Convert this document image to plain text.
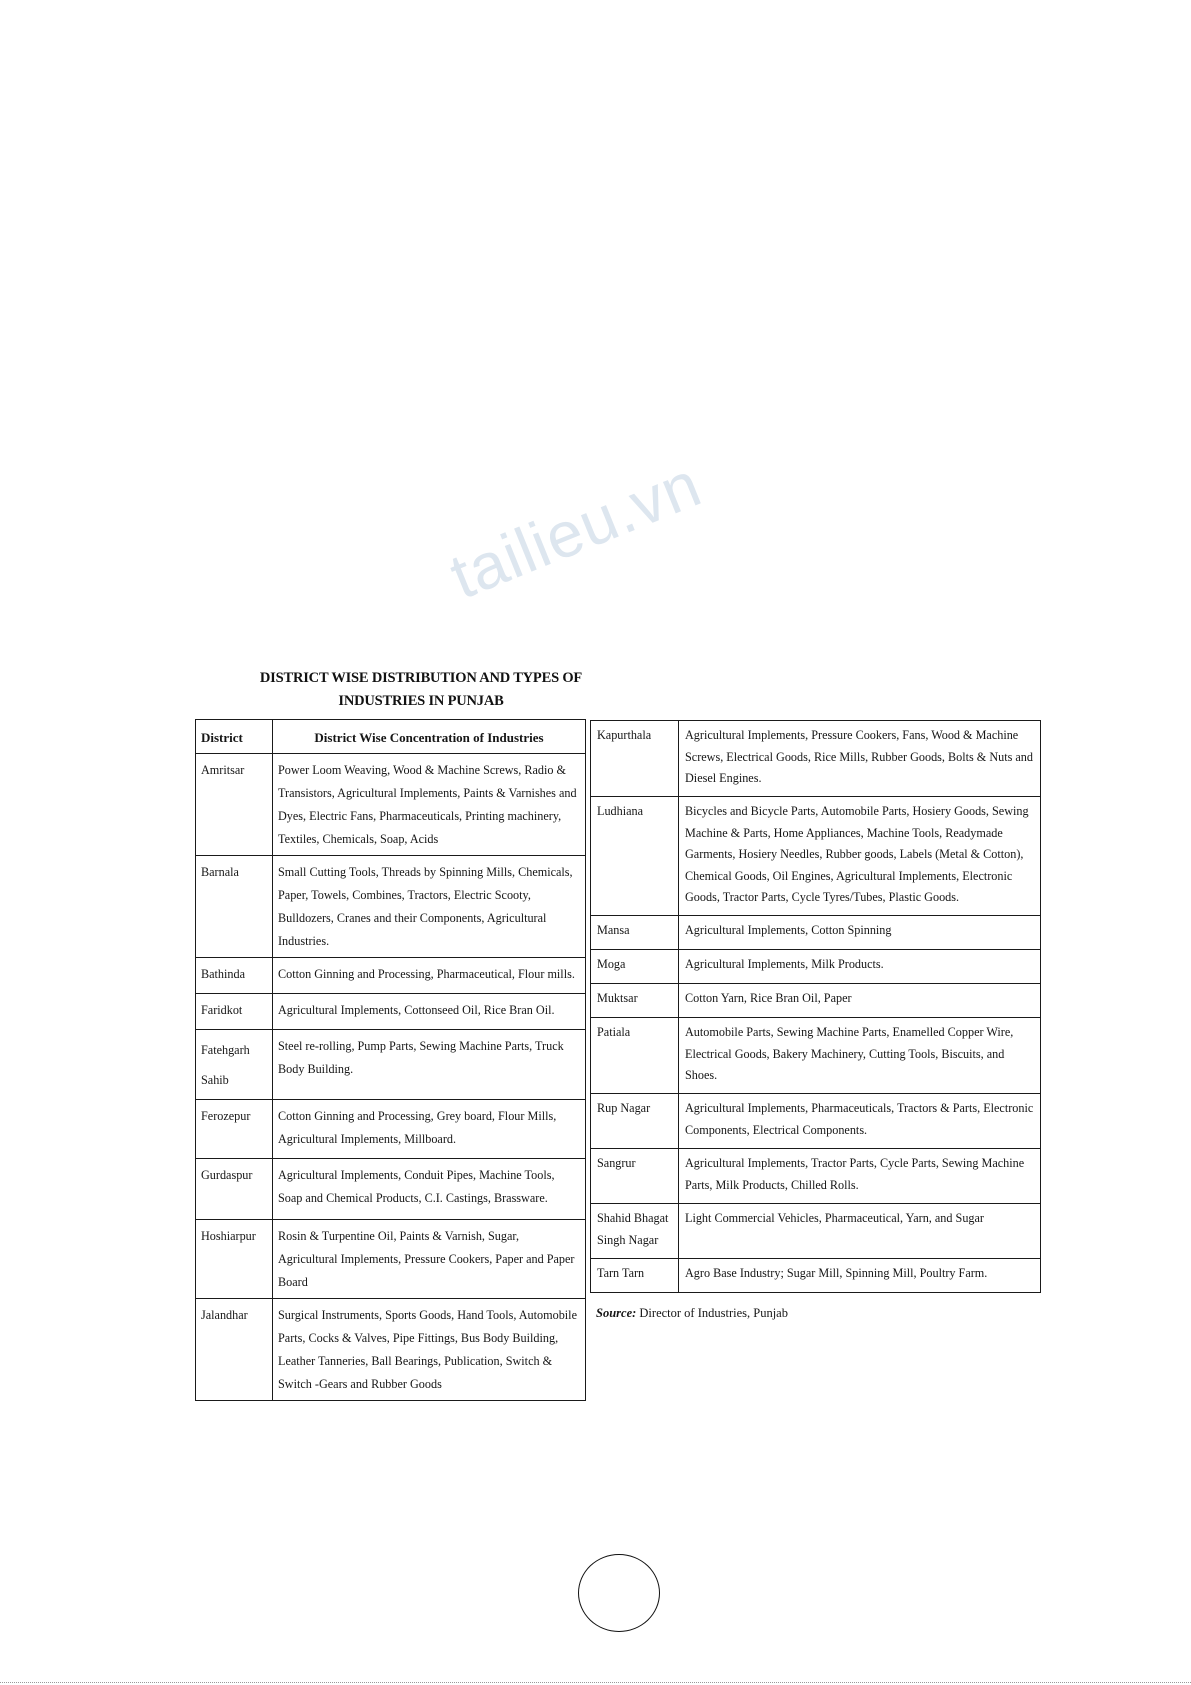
tailieu.vn
DISTRICT WISE DISTRIBUTION AND TYPES OF
INDUSTRIES IN PUNJAB
District	District Wise Concentration of Industries
Amritsar	Power Loom Weaving, Wood & Machine Screws, Radio & Transistors, Agricultural Implements, Paints & Varnishes and Dyes, Electric Fans, Pharmaceuticals, Printing machinery, Textiles, Chemicals, Soap, Acids
Barnala	Small Cutting Tools, Threads by Spinning Mills, Chemicals, Paper, Towels, Combines, Tractors, Electric Scooty, Bulldozers, Cranes and their Components, Agricultural Industries.
Bathinda	Cotton Ginning and Processing, Pharmaceutical, Flour mills.
Faridkot	Agricultural Implements, Cottonseed Oil, Rice Bran Oil.
Fatehgarh Sahib	Steel re-rolling, Pump Parts, Sewing Machine Parts, Truck Body Building.
Ferozepur	Cotton Ginning and Processing, Grey board, Flour Mills, Agricultural Implements, Millboard.
Gurdaspur	Agricultural Implements, Conduit Pipes, Machine Tools, Soap and Chemical Products, C.I. Castings, Brassware.
Hoshiarpur	Rosin & Turpentine Oil, Paints & Varnish, Sugar, Agricultural Implements, Pressure Cookers, Paper and Paper Board
Jalandhar	Surgical Instruments, Sports Goods, Hand Tools, Automobile Parts, Cocks & Valves, Pipe Fittings, Bus Body Building, Leather Tanneries, Ball Bearings, Publication, Switch & Switch -Gears and Rubber Goods
Kapurthala	Agricultural Implements, Pressure Cookers, Fans, Wood & Machine Screws, Electrical Goods, Rice Mills, Rubber Goods, Bolts & Nuts and Diesel Engines.
Ludhiana	Bicycles and Bicycle Parts, Automobile Parts, Hosiery Goods, Sewing Machine & Parts, Home Appliances, Machine Tools, Readymade Garments, Hosiery Needles, Rubber goods, Labels (Metal & Cotton), Chemical Goods, Oil Engines, Agricultural Implements, Electronic Goods, Tractor Parts, Cycle Tyres/Tubes, Plastic Goods.
Mansa	Agricultural Implements, Cotton Spinning
Moga	Agricultural Implements, Milk Products.
Muktsar	Cotton Yarn, Rice Bran Oil, Paper
Patiala	Automobile Parts, Sewing Machine Parts, Enamelled Copper Wire, Electrical Goods, Bakery Machinery, Cutting Tools, Biscuits, and Shoes.
Rup Nagar	Agricultural Implements, Pharmaceuticals, Tractors & Parts, Electronic Components, Electrical Components.
Sangrur	Agricultural Implements, Tractor Parts, Cycle Parts, Sewing Machine Parts, Milk Products, Chilled Rolls.
Shahid Bhagat Singh Nagar	Light Commercial Vehicles, Pharmaceutical, Yarn, and Sugar
Tarn Tarn	Agro Base Industry; Sugar Mill, Spinning Mill, Poultry Farm.
Source: Director of Industries, Punjab
